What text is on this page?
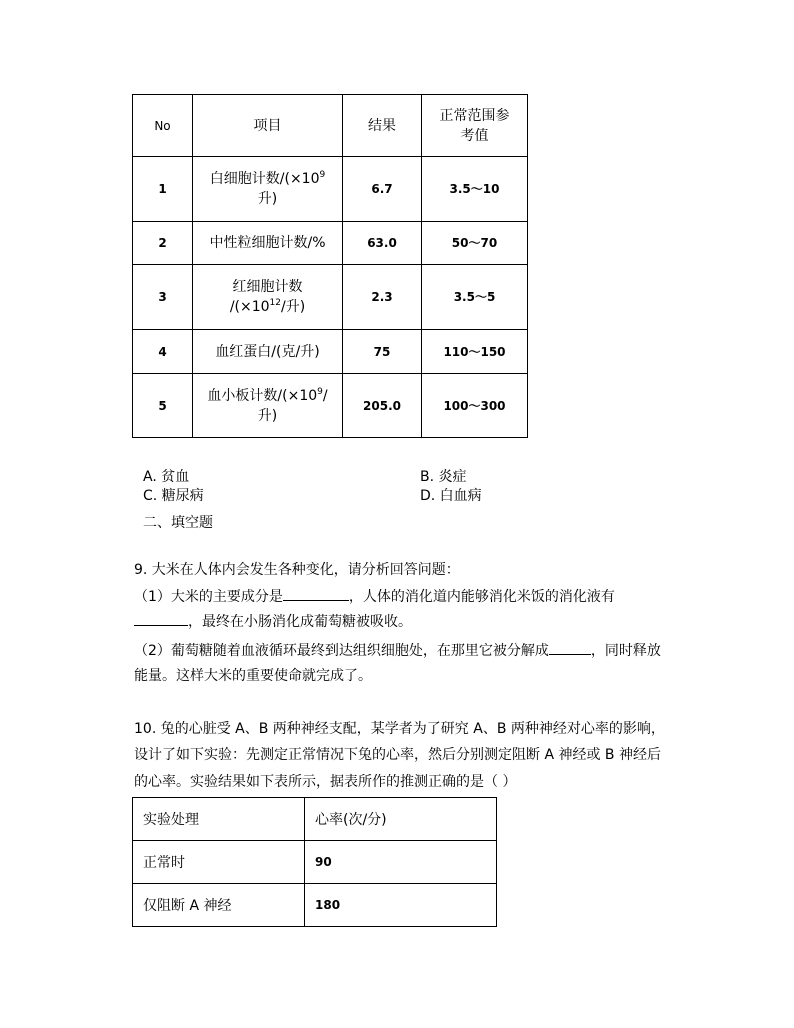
No	项目	结果	正常范围参
考值
1	白细胞计数$/(\times 10^9$
升)	6.7	3.5～10
2	中性粒细胞计数/%	63.0	50～70
3	红细胞计数
$/(\times 10^{12}/$升)	2.3	3.5～5
4	血红蛋白/(克/升)	75	110～150
5	血小板计数$/(\times 10^9/$
升)	205.0	100～300
A. 贫血	B. 炎症
C. 糖尿病	D. 白血病
二、填空题
9. 大米在人体内会发生各种变化，请分析回答问题：
（1）大米的主要成分是	，人体的消化道内能够消化米饭的消化液有
，最终在小肠消化成葡萄糖被吸收。
（2）葡萄糖随着血液循环最终到达组织细胞处，在那里它被分解成	，同时释放
能量。这样大米的重要使命就完成了。
10. 兔的心脏受 A、B 两种神经支配，某学者为了研究 A、B 两种神经对心率的影响，
设计了如下实验：先测定正常情况下兔的心率，然后分别测定阻断 A 神经或 B 神经后
的心率。实验结果如下表所示，据表所作的推测正确的是（ ）
实验处理	心率(次/分)
正常时	90
仅阻断 A 神经	180
